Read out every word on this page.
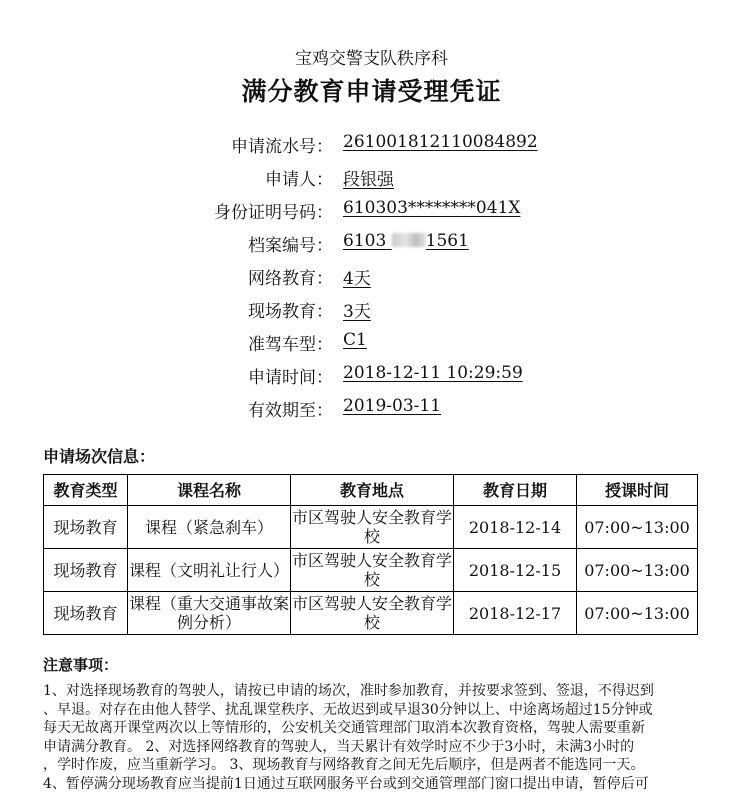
宝鸡交警支队秩序科
满分教育申请受理凭证
申请流水号： 261001812110084892
申请人： 段银强
身份证明号码： 610303********041X
档案编号： 6103 1561
网络教育： 4天
现场教育： 3天
准驾车型： C1
申请时间： 2018-12-11 10:29:59
有效期至： 2019-03-11
申请场次信息：
教育类型	课程名称	教育地点	教育日期	授课时间
现场教育	课程（紧急刹车）	市区驾驶人安全教育学校	2018-12-14	07:00~13:00
现场教育	课程（文明礼让行人）	市区驾驶人安全教育学校	2018-12-15	07:00~13:00
现场教育	课程（重大交通事故案例分析）	市区驾驶人安全教育学校	2018-12-17	07:00~13:00
注意事项：

1、对选择现场教育的驾驶人，请按已申请的场次，准时参加教育，并按要求签到、签退，不得迟到

、早退。对存在由他人替学、扰乱课堂秩序、无故迟到或早退30分钟以上、中途离场超过15分钟或

每天无故离开课堂两次以上等情形的，公安机关交通管理部门取消本次教育资格，驾驶人需要重新

申请满分教育。 2、对选择网络教育的驾驶人，当天累计有效学时应不少于3小时，未满3小时的

，学时作废，应当重新学习。 3、现场教育与网络教育之间无先后顺序，但是两者不能选同一天。

4、暂停满分现场教育应当提前1日通过互联网服务平台或到交通管理部门窗口提出申请，暂停后可
